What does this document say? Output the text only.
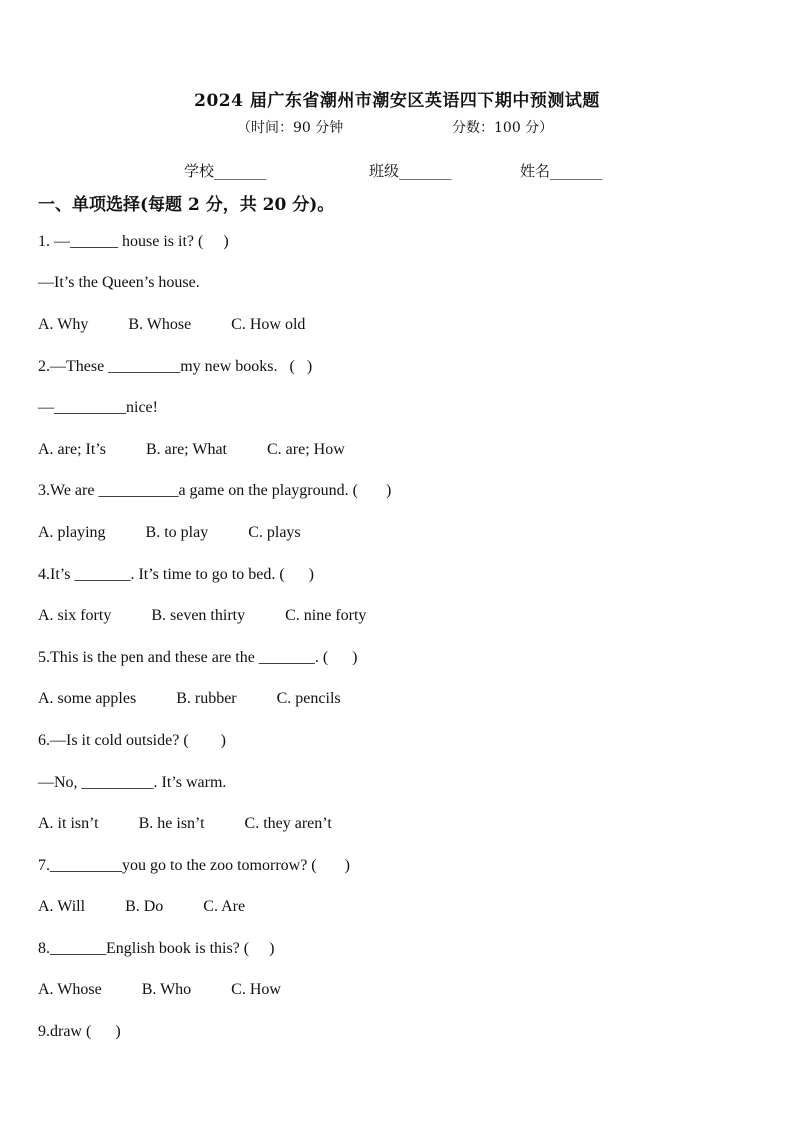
2024 届广东省潮州市潮安区英语四下期中预测试题
（时间：90 分钟	分数：100 分）
学校_______	班级_______	姓名_______
一、单项选择(每题 2 分，共 20 分)。
1. —______ house is it? (     )
—It’s the Queen’s house.
A. Why          B. Whose          C. How old
2.—These _________my new books.   (   )
—_________nice!
A. are; It’s          B. are; What          C. are; How
3.We are __________a game on the playground. (       )
A. playing          B. to play          C. plays
4.It’s _______. It’s time to go to bed. (      )
A. six forty          B. seven thirty          C. nine forty
5.This is the pen and these are the _______. (      )
A. some apples          B. rubber          C. pencils
6.—Is it cold outside? (        )
—No, _________. It’s warm.
A. it isn’t          B. he isn’t          C. they aren’t
7._________you go to the zoo tomorrow? (       )
A. Will          B. Do          C. Are
8._______English book is this? (     )
A. Whose          B. Who          C. How
9.draw (      )
